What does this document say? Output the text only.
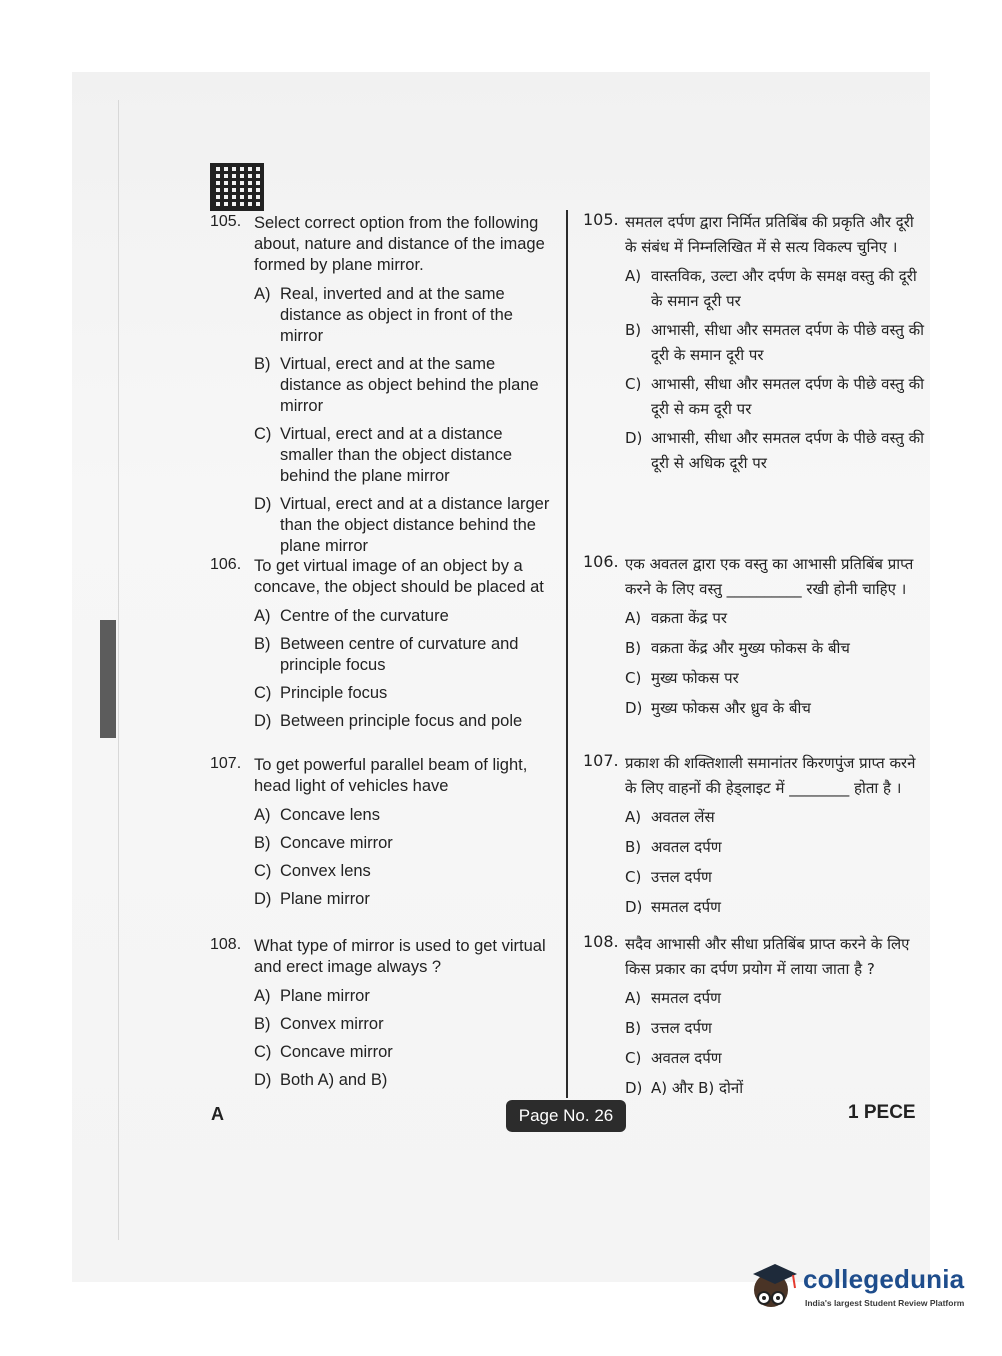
105. Select correct option from the following about, nature and distance of the image formed by plane mirror.
A) Real, inverted and at the same distance as object in front of the mirror
B) Virtual, erect and at the same distance as object behind the plane mirror
C) Virtual, erect and at a distance smaller than the object distance behind the plane mirror
D) Virtual, erect and at a distance larger than the object distance behind the plane mirror
106. To get virtual image of an object by a concave, the object should be placed at
A) Centre of the curvature
B) Between centre of curvature and principle focus
C) Principle focus
D) Between principle focus and pole
107. To get powerful parallel beam of light, head light of vehicles have
A) Concave lens
B) Concave mirror
C) Convex lens
D) Plane mirror
108. What type of mirror is used to get virtual and erect image always ?
A) Plane mirror
B) Convex mirror
C) Concave mirror
D) Both A) and B)
105. समतल दर्पण द्वारा निर्मित प्रतिबिंब की प्रकृति और दूरी के संबंध में निम्नलिखित में से सत्य विकल्प चुनिए ।
A) वास्तविक, उल्टा और दर्पण के समक्ष वस्तु की दूरी के समान दूरी पर
B) आभासी, सीधा और समतल दर्पण के पीछे वस्तु की दूरी के समान दूरी पर
C) आभासी, सीधा और समतल दर्पण के पीछे वस्तु की दूरी से कम दूरी पर
D) आभासी, सीधा और समतल दर्पण के पीछे वस्तु की दूरी से अधिक दूरी पर
106. एक अवतल द्वारा एक वस्तु का आभासी प्रतिबिंब प्राप्त करने के लिए वस्तु __________ रखी होनी चाहिए ।
A) वक्रता केंद्र पर
B) वक्रता केंद्र और मुख्य फोकस के बीच
C) मुख्य फोकस पर
D) मुख्य फोकस और ध्रुव के बीच
107. प्रकाश की शक्तिशाली समानांतर किरणपुंज प्राप्त करने के लिए वाहनों की हेड्लाइट में ________ होता है ।
A) अवतल लेंस
B) अवतल दर्पण
C) उत्तल दर्पण
D) समतल दर्पण
108. सदैव आभासी और सीधा प्रतिबिंब प्राप्त करने के लिए किस प्रकार का दर्पण प्रयोग में लाया जाता है ?
A) समतल दर्पण
B) उत्तल दर्पण
C) अवतल दर्पण
D) A) और B) दोनों
A	Page No. 26	1 PECE
collegedunia
India's largest Student Review Platform
